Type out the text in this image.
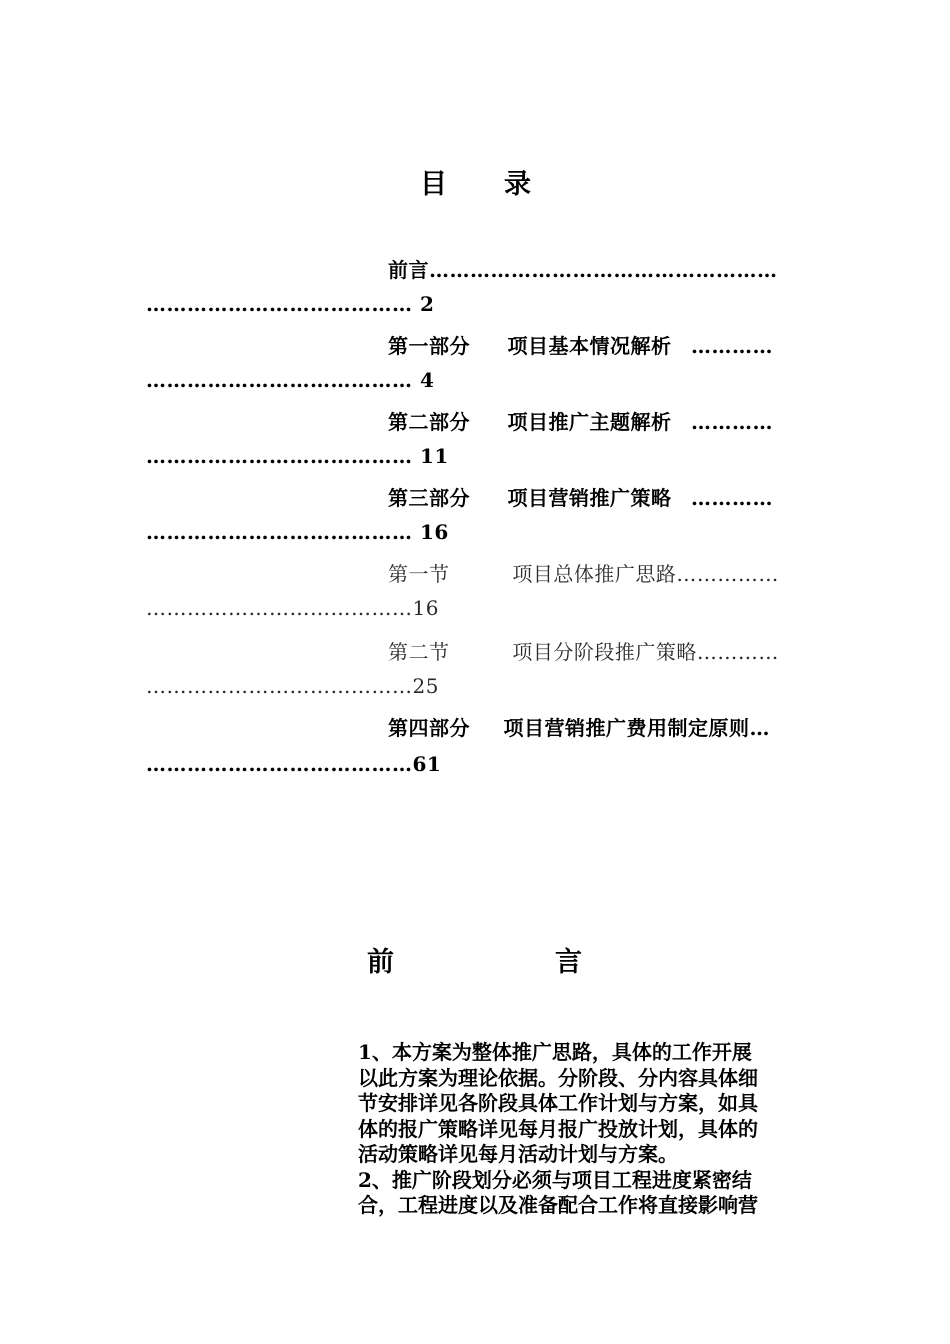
目 录
前言……………………………………………
………………………………… 2
第一部分 项目基本情况解析 …………
………………………………… 4
第二部分 项目推广主题解析 …………
………………………………… 11
第三部分 项目营销推广策略 …………
………………………………… 16
第一节	项目总体推广思路……………
…………………………………16
第二节	项目分阶段推广策略…………
…………………………………25
第四部分 项目营销推广费用制定原则…
…………………………………61
前	言

1、本方案为整体推广思路，具体的工作开展

以此方案为理论依据。分阶段、分内容具体细

节安排详见各阶段具体工作计划与方案，如具

体的报广策略详见每月报广投放计划，具体的

活动策略详见每月活动计划与方案。

2、推广阶段划分必须与项目工程进度紧密结

合，工程进度以及准备配合工作将直接影响营
